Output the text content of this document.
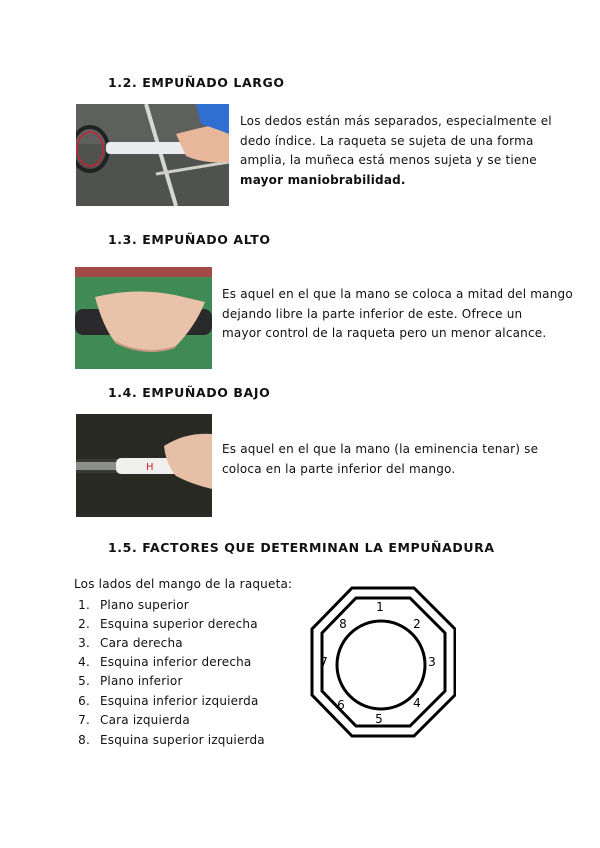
1.2. EMPUÑADO LARGO
Los dedos están más separados, especialmente el
dedo índice. La raqueta se sujeta de una forma
amplia, la muñeca está menos sujeta y se tiene
mayor maniobrabilidad.
1.3. EMPUÑADO ALTO
Es aquel en el que la mano se coloca a mitad del mango
dejando libre la parte inferior de este. Ofrece un
mayor control de la raqueta pero un menor alcance.
1.4. EMPUÑADO BAJO
H
Es aquel en el que la mano (la eminencia tenar) se
coloca en la parte inferior del mango.
1.5. FACTORES QUE DETERMINAN LA EMPUÑADURA
Los lados del mango de la raqueta:
1. Plano superior
2. Esquina superior derecha
3. Cara derecha
4. Esquina inferior derecha
5. Plano inferior
6. Esquina inferior izquierda
7. Cara izquierda
8. Esquina superior izquierda
1
2
3
4
5
6
7
8
